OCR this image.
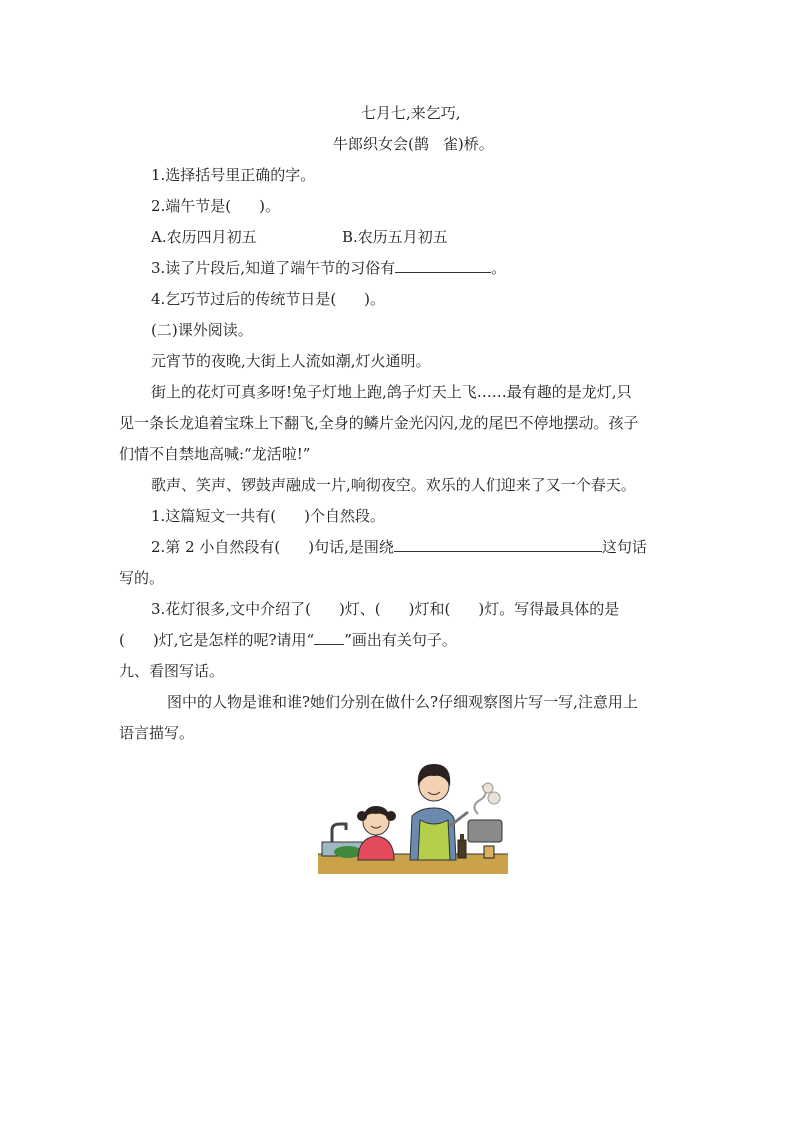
七月七,来乞巧,
牛郎织女会(鹊 雀)桥。
1.选择括号里正确的字。
2.端午节是( )。
A.农历四月初五	B.农历五月初五
3.读了片段后,知道了端午节的习俗有	。
4.乞巧节过后的传统节日是( )。
(二)课外阅读。
元宵节的夜晚,大街上人流如潮,灯火通明。
街上的花灯可真多呀!兔子灯地上跑,鸽子灯天上飞……最有趣的是龙灯,只
见一条长龙追着宝珠上下翻飞,全身的鳞片金光闪闪,龙的尾巴不停地摆动。孩子
们情不自禁地高喊:“龙活啦!”
歌声、笑声、锣鼓声融成一片,响彻夜空。欢乐的人们迎来了又一个春天。
1.这篇短文一共有( )个自然段。
2.第 2 小自然段有( )句话,是围绕	这句话
写的。
3.花灯很多,文中介绍了( )灯、( )灯和( )灯。写得最具体的是
( )灯,它是怎样的呢?请用“ ”画出有关句子。
九、看图写话。
图中的人物是谁和谁?她们分别在做什么?仔细观察图片写一写,注意用上
语言描写。
